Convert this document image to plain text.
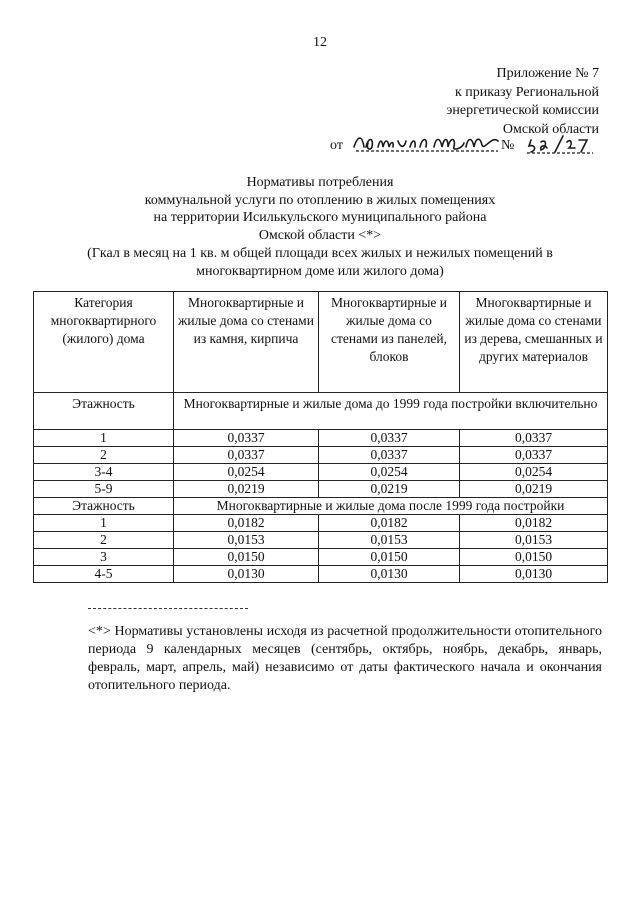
12
Приложение № 7
к приказу Региональной
энергетической комиссии
Омской области
от	№
Нормативы потребления
коммунальной услуги по отоплению в жилых помещениях
на территории Исилькульского муниципального района
Омской области <*>
(Гкал в месяц на 1 кв. м общей площади всех жилых и нежилых помещений в
многоквартирном доме или жилого дома)
Категория многоквартирного (жилого) дома	Многоквартирные и жилые дома со стенами из камня, кирпича	Многоквартирные и жилые дома со стенами из панелей, блоков	Многоквартирные и жилые дома со стенами из дерева, смешанных и других материалов
Этажность	Многоквартирные и жилые дома до 1999 года постройки включительно		
1	0,0337	0,0337	0,0337
2	0,0337	0,0337	0,0337
3-4	0,0254	0,0254	0,0254
5-9	0,0219	0,0219	0,0219
Этажность	Многоквартирные и жилые дома после 1999 года постройки		
1	0,0182	0,0182	0,0182
2	0,0153	0,0153	0,0153
3	0,0150	0,0150	0,0150
4-5	0,0130	0,0130	0,0130
<*> Нормативы установлены исходя из расчетной продолжительности отопительного периода 9 календарных месяцев (сентябрь, октябрь, ноябрь, декабрь, январь, февраль, март, апрель, май) независимо от даты фактического начала и окончания отопительного периода.
